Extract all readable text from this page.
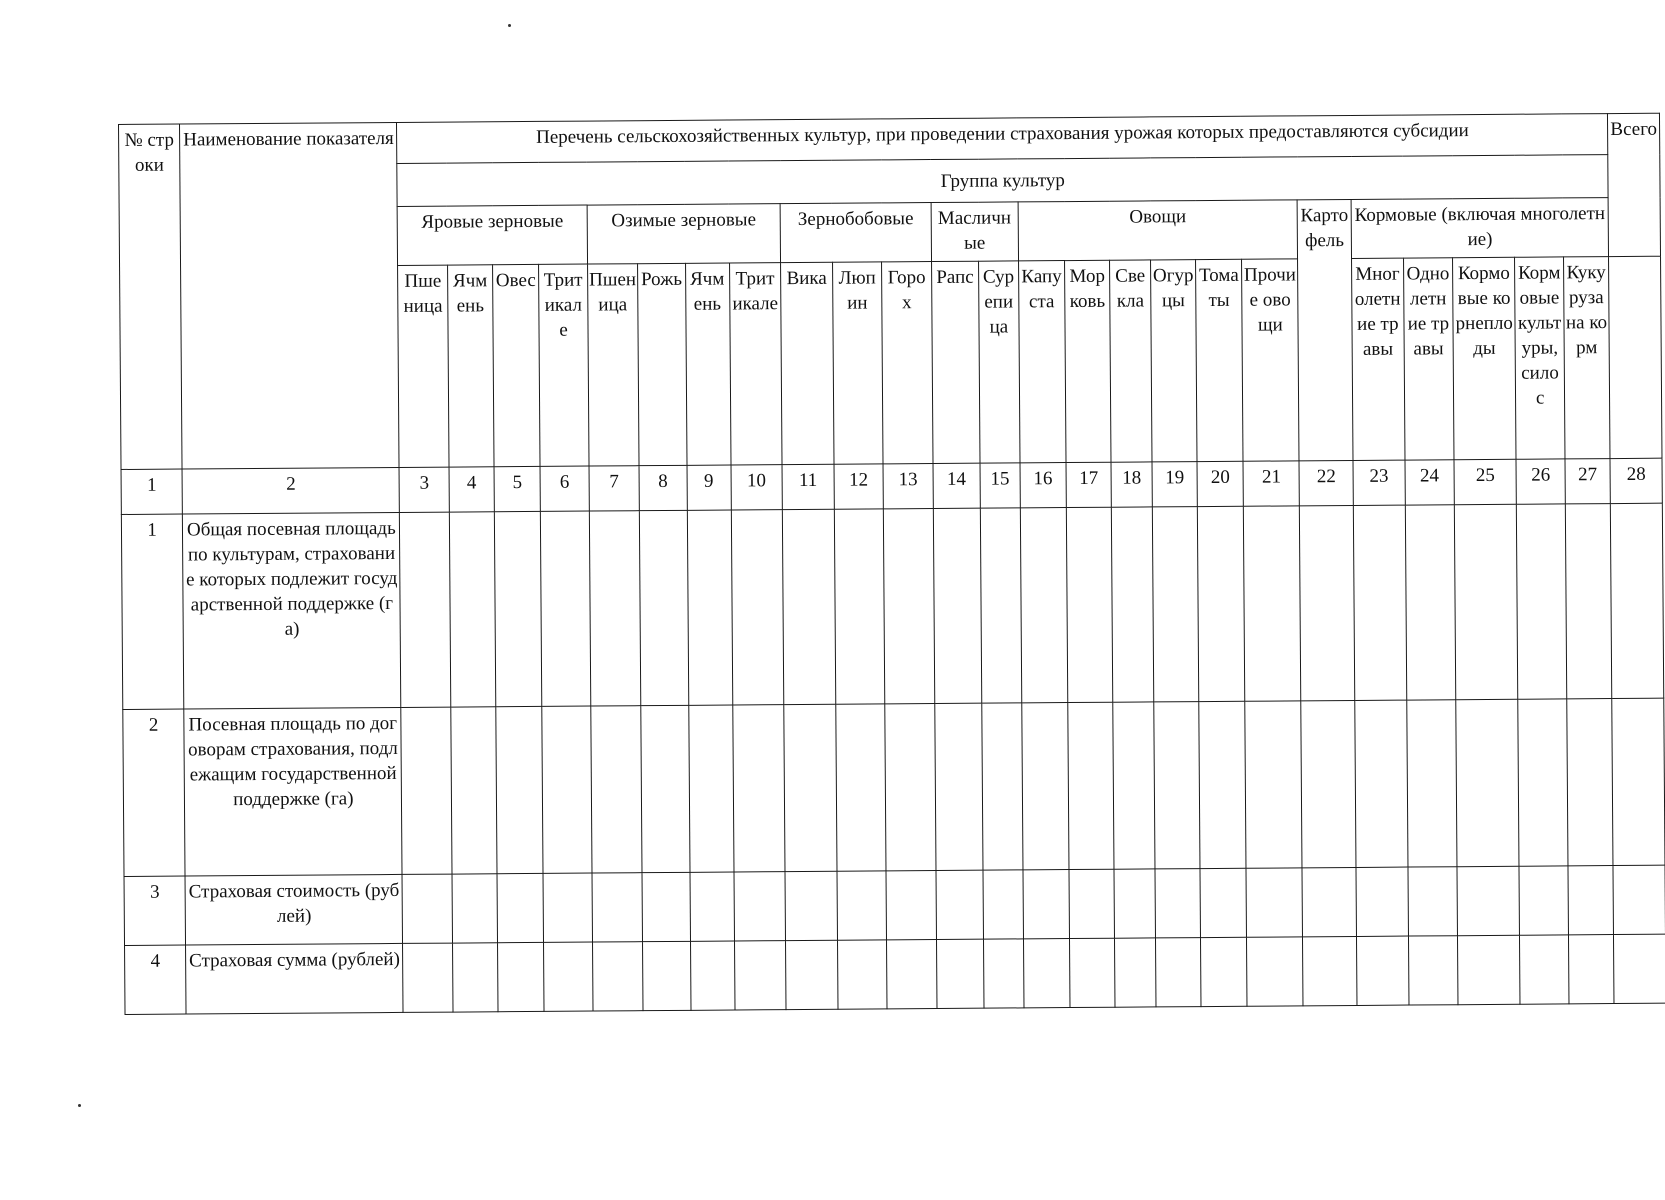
№ строки	Наименование показателя	Перечень сельскохозяйственных культур, при проведении страхования урожая которых предоставляются субсидии																									Всего
		Группа культур																									
		Яровые зерновые				Озимые зерновые				Зернобобовые			Масличные		Овощи						Картофель	Кормовые (включая многолетние)					
		Пшеница	Ячмень	Овес	Тритикале	Пшеница	Рожь	Ячмень	Тритикале	Вика	Люпин	Горох	Рапс	Сурепица	Капуста	Морковь	Свекла	Огурцы	Томаты	Прочие овощи		Многолетние травы	Однолетние травы	Кормовые корнеплоды	Кормовые культуры, силос	Кукуруза на корм	
1	2	3	4	5	6	7	8	9	10	11	12	13	14	15	16	17	18	19	20	21	22	23	24	25	26	27	28
1	Общая посевная площадь по культурам, страхование которых подлежит государственной поддержке (га)																										
2	Посевная площадь по договорам страхования, подлежащим государственной поддержке (га)																										
3	Страховая стоимость (рублей)																										
4	Страховая сумма (рублей)																										
